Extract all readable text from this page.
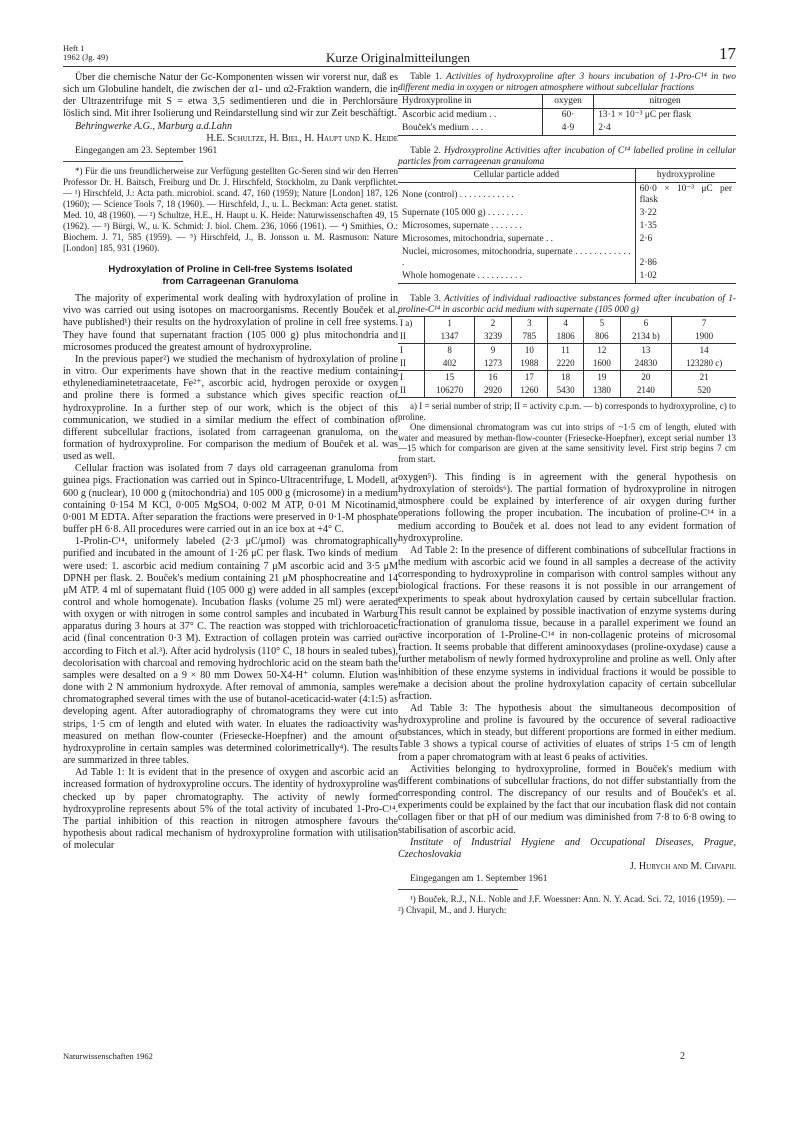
Heft 1
1962 (Jg. 49)	Kurze Originalmitteilungen	17

Über die chemische Natur der Gc-Komponenten wissen wir vorerst nur, daß es sich um Globuline handelt, die zwischen der α1- und α2-Fraktion wandern, die in der Ultrazentrifuge mit S = etwa 3,5 sedimentieren und die in Perchlorsäure löslich sind. Mit ihrer Isolierung und Reindarstellung sind wir zur Zeit beschäftigt.

Behringwerke A.G., Marburg a.d.Lahn

H.E. Schultze, H. Biel, H. Haupt und K. Heide

Eingegangen am 23. September 1961

*) Für die uns freundlicherweise zur Verfügung gestellten Gc-Seren sind wir den Herren Professor Dr. H. Baitsch, Freiburg und Dr. J. Hirschfeld, Stockholm, zu Dank verpflichtet. — ¹) Hirschfeld, J.: Acta path. microbiol. scand. 47, 160 (1959); Nature [London] 187, 126 (1960); — Science Tools 7, 18 (1960). — Hirschfeld, J., u. L. Beckman: Acta genet. statist. Med. 10, 48 (1960). — ²) Schultze, H.E., H. Haupt u. K. Heide: Naturwissenschaften 49, 15 (1962). — ³) Bürgi, W., u. K. Schmid: J. biol. Chem. 236, 1066 (1961). — ⁴) Smithies, O.: Biochem. J. 71, 585 (1959). — ⁵) Hirschfeld, J., B. Jonsson u. M. Rasmuson: Nature [London] 185, 931 (1960).

Hydroxylation of Proline in Cell-free Systems Isolated
from Carrageenan Granuloma

The majority of experimental work dealing with hydroxylation of proline in vivo was carried out using isotopes on macroorganisms. Recently Bouček et al. have published¹) their results on the hydroxylation of proline in cell free systems. They have found that supernatant fraction (105 000 g) plus mitochondria and microsomes produced the greatest amount of hydroxyproline.

In the previous paper²) we studied the mechanism of hydroxylation of proline in vitro. Our experiments have shown that in the reactive medium containing ethylenediaminetetraacetate, Fe²⁺, ascorbic acid, hydrogen peroxide or oxygen and proline there is formed a substance which gives specific reaction of hydroxyproline. In a further step of our work, which is the object of this communication, we studied in a similar medium the effect of combination of different subcellular fractions, isolated from carrageenan granuloma, on the formation of hydroxyproline. For comparison the medium of Bouček et al. was used as well.

Cellular fraction was isolated from 7 days old carrageenan granuloma from guinea pigs. Fractionation was carried out in Spinco-Ultracentrifuge, L Modell, at 600 g (nuclear), 10 000 g (mitochondria) and 105 000 g (microsome) in a medium containing 0·154 M KCl, 0·005 MgSO4, 0·002 M ATP, 0·01 M Nicotinamid, 0·001 M EDTA. After separation the fractions were preserved in 0·1-M phosphate buffer pH 6·8. All procedures were carried out in an ice box at +4° C.

1-Prolin-C¹⁴, uniformely labeled (2·3 μC/μmol) was chromatographically purified and incubated in the amount of 1·26 μC per flask. Two kinds of medium were used: 1. ascorbic acid medium containing 7 μM ascorbic acid and 3·5 μM DPNH per flask. 2. Bouček's medium containing 21 μM phosphocreatine and 14 μM ATP. 4 ml of supernatant fluid (105 000 g) were added in all samples (except control and whole homogenate). Incubation flasks (volume 25 ml) were aerated with oxygen or with nitrogen in some control samples and incubated in Warburg apparatus during 3 hours at 37° C. The reaction was stopped with trichloroacetic acid (final concentration 0·3 M). Extraction of collagen protein was carried out according to Fitch et al.³). After acid hydrolysis (110° C, 18 hours in sealed tubes), decolorisation with charcoal and removing hydrochloric acid on the steam bath the samples were desalted on a 9 × 80 mm Dowex 50-X4-H⁺ column. Elution was done with 2 N ammonium hydroxyde. After removal of ammonia, samples were chromatographed several times with the use of butanol-aceticacid-water (4:1:5) as developing agent. After autoradiography of chromatograms they were cut into strips, 1·5 cm of length and eluted with water. In eluates the radioactivity was measured on methan flow-counter (Friesecke-Hoepfner) and the amount of hydroxyproline in certain samples was determined colorimetrically⁴). The results are summarized in three tables.

Ad Table 1: It is evident that in the presence of oxygen and ascorbic acid an increased formation of hydroxyproline occurs. The identity of hydroxyproline was checked up by paper chromatography. The activity of newly formed hydroxyproline represents about 5% of the total activity of incubated 1-Pro-C¹⁴. The partial inhibition of this reaction in nitrogen atmosphere favours the hypothesis about radical mechanism of hydroxyproline formation with utilisation of molecular

Table 1. Activities of hydroxyproline after 3 hours incubation of 1-Pro-C¹⁴ in two different media in oxygen or nitrogen atmosphere without subcellular fractions

Hydroxyproline in	oxygen	nitrogen
Ascorbic acid medium . .	60·	13·1 × 10⁻³ μC per flask
Bouček's medium . . .	4·9	2·4

Table 2. Hydroxyproline Activities after incubation of C¹⁴ labelled proline in cellular particles from carrageenan granuloma

Cellular particle added	hydroxyproline
None (control) . . . . . . . . . . . .	60·0 × 10⁻³ μC per flask
Supernate (105 000 g) . . . . . . . .	3·22
Microsomes, supernate . . . . . . .	1·35
Microsomes, mitochondria, supernate . .	2·6
Nuclei, microsomes, mitochondria, supernate . . . . . . . . . . . . .	2·86
Whole homogenate . . . . . . . . . .	1·02

Table 3. Activities of individual radioactive substances formed after incubation of 1-proline-C¹⁴ in ascorbic acid medium with supernate (105 000 g)

I a)	1	2	3	4	5	6	7
II	1347	3239	785	1806	806	2134 b)	1900
I	8	9	10	11	12	13	14
II	402	1273	1988	2220	1600	24830	123280 c)
I	15	16	17	18	19	20	21
II	106270	2920	1260	5430	1380	2140	520

a) I = serial number of strip; II = activity c.p.m. — b) corresponds to hydroxyproline, c) to proline.

One dimensional chromatogram was cut into strips of ~1·5 cm of length, eluted with water and measured by methan-flow-counter (Friesecke-Hoepfner), except serial number 13—15 which for comparison are given at the same sensitivity level. First strip begins 7 cm from start.

oxygen⁵). This finding is in agreement with the general hypothesis on hydroxylation of steroids⁶). The partial formation of hydroxyproline in nitrogen atmosphere could be explained by interference of air oxygen during further operations following the proper incubation. The incubation of proline-C¹⁴ in a medium according to Bouček et al. does not lead to any evident formation of hydroxyproline.

Ad Table 2: In the presence of different combinations of subcellular fractions in the medium with ascorbic acid we found in all samples a decrease of the activity corresponding to hydroxyproline in comparison with control samples without any biological fractions. For these reasons it is not possible in our arrangement of experiments to speak about hydroxylation caused by certain subcellular fraction. This result cannot be explained by possible inactivation of enzyme systems during fractionation of granuloma tissue, because in a parallel experiment we found an active incorporation of 1-Proline-C¹⁴ in non-collagenic proteins of microsomal fraction. It seems probable that different aminooxydases (proline-oxydase) cause a further metabolism of newly formed hydroxyproline and proline as well. Only after inhibition of these enzyme systems in individual fractions it would be possible to make a decision about the proline hydroxylation capacity of certain subcellular fraction.

Ad Table 3: The hypothesis about the simultaneous decomposition of hydroxyproline and proline is favoured by the occurence of several radioactive substances, which in steady, but different proportions are formed in either medium. Table 3 shows a typical course of activities of eluates of strips 1·5 cm of length from a paper chromatogram with at least 6 peaks of activities.

Activities belonging to hydroxyproline, formed in Bouček's medium with different combinations of subcellular fractions, do not differ substantially from the corresponding control. The discrepancy of our results and of Bouček's et al. experiments could be explained by the fact that our incubation flask did not contain collagen fiber or that pH of our medium was diminished from 7·8 to 6·8 owing to stabilisation of ascorbic acid.

Institute of Industrial Hygiene and Occupational Diseases, Prague, Czechoslovakia

J. Hurych and M. Chvapil

Eingegangen am 1. September 1961

¹) Bouček, R.J., N.L. Noble and J.F. Woessner: Ann. N. Y. Acad. Sci. 72, 1016 (1959). — ²) Chvapil, M., and J. Hurych:

Naturwissenschaften 1962	2
